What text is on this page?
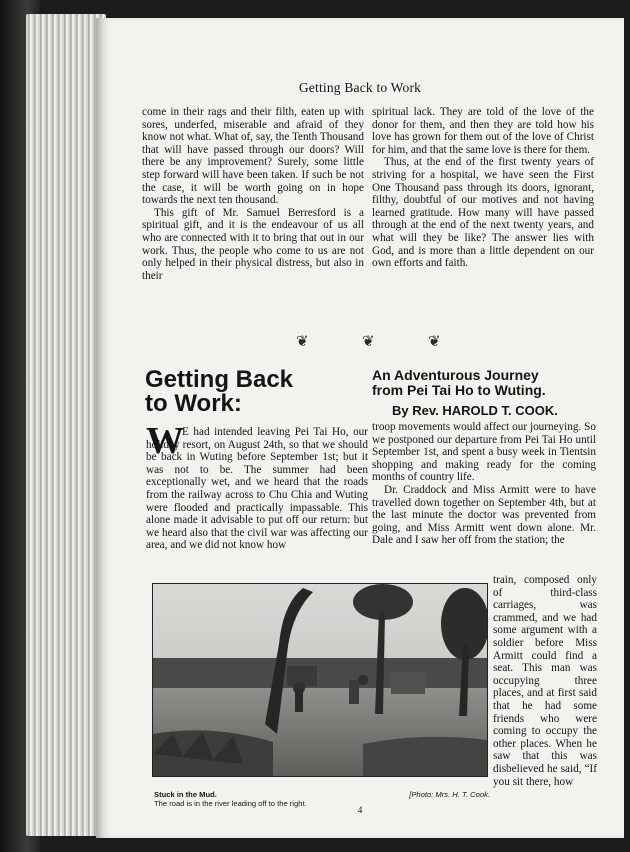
Getting Back to Work

come in their rags and their filth, eaten up with sores, underfed, miserable and afraid of they know not what. What of, say, the Tenth Thousand that will have passed through our doors? Will there be any improvement? Surely, some little step forward will have been taken. If such be not the case, it will be worth going on in hope towards the next ten thousand.

This gift of Mr. Samuel Berresford is a spiritual gift, and it is the endeavour of us all who are connected with it to bring that out in our work. Thus, the people who come to us are not only helped in their physical distress, but also in their

spiritual lack. They are told of the love of the donor for them, and then they are told how his love has grown for them out of the love of Christ for him, and that the same love is there for them.

Thus, at the end of the first twenty years of striving for a hospital, we have seen the First One Thousand pass through its doors, ignorant, filthy, doubtful of our motives and not having learned gratitude. How many will have passed through at the end of the next twenty years, and what will they be like? The answer lies with God, and is more than a little dependent on our own efforts and faith.

❦	❦	❦
Getting Back
to Work:
An Adventurous Journey
from Pei Tai Ho to Wuting.
By Rev. HAROLD T. COOK.
W

E had intended leaving Pei Tai Ho, our holiday resort, on August 24th, so that we should be back in Wuting before September 1st; but it was not to be. The summer had been exceptionally wet, and we heard that the roads from the railway across to Chu Chia and Wuting were flooded and practically impassable. This alone made it advisable to put off our return: but we heard also that the civil war was affecting our area, and we did not know how

troop movements would affect our journeying. So we postponed our departure from Pei Tai Ho until September 1st, and spent a busy week in Tientsin shopping and making ready for the coming months of country life.

Dr. Craddock and Miss Armitt were to have travelled down together on September 4th, but at the last minute the doctor was prevented from going, and Miss Armitt went down alone. Mr. Dale and I saw her off from the station; the

train, composed only of third-class carriages, was crammed, and we had some argument with a soldier before Miss Armitt could find a seat. This man was occupying three places, and at first said that he had some friends who were coming to occupy the other places. When he saw that this was disbelieved he said, “If you sit there, how
Stuck in the Mud.
The road is in the river leading off to the right.
[Photo: Mrs. H. T. Cook.
4
